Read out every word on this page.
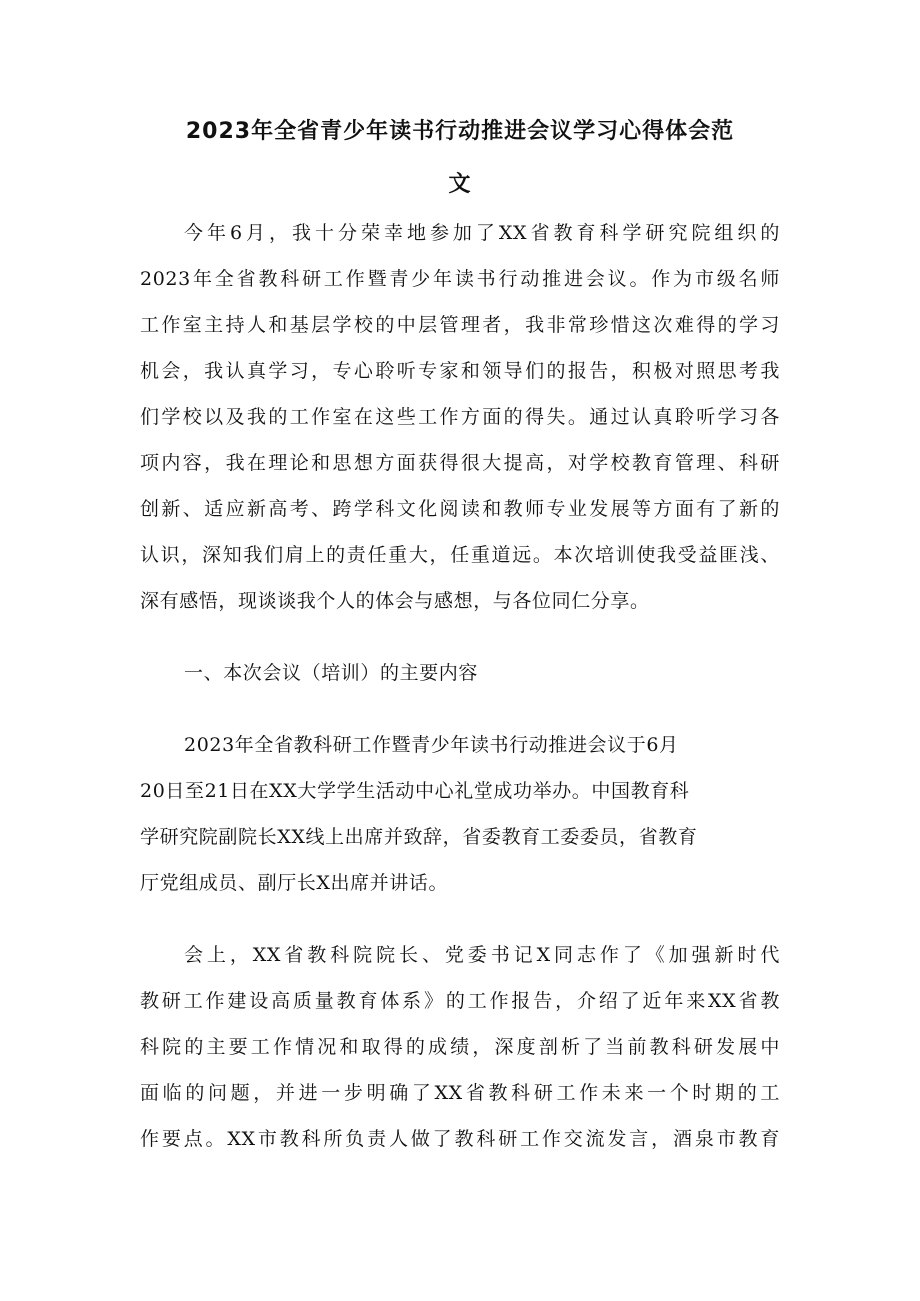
2023年全省青少年读书行动推进会议学习心得体会范
文
今年6月，我十分荣幸地参加了XX省教育科学研究院组织的
2023年全省教科研工作暨青少年读书行动推进会议。作为市级名师
工作室主持人和基层学校的中层管理者，我非常珍惜这次难得的学习
机会，我认真学习，专心聆听专家和领导们的报告，积极对照思考我
们学校以及我的工作室在这些工作方面的得失。通过认真聆听学习各
项内容，我在理论和思想方面获得很大提高，对学校教育管理、科研
创新、适应新高考、跨学科文化阅读和教师专业发展等方面有了新的
认识，深知我们肩上的责任重大，任重道远。本次培训使我受益匪浅、
深有感悟，现谈谈我个人的体会与感想，与各位同仁分享。
一、本次会议（培训）的主要内容
2023年全省教科研工作暨青少年读书行动推进会议于6月
20日至21日在XX大学学生活动中心礼堂成功举办。中国教育科
学研究院副院长XX线上出席并致辞，省委教育工委委员，省教育
厅党组成员、副厅长X出席并讲话。
会上，XX省教科院院长、党委书记X同志作了《加强新时代
教研工作建设高质量教育体系》的工作报告，介绍了近年来XX省教
科院的主要工作情况和取得的成绩，深度剖析了当前教科研发展中
面临的问题，并进一步明确了XX省教科研工作未来一个时期的工
作要点。XX市教科所负责人做了教科研工作交流发言，酒泉市教育
